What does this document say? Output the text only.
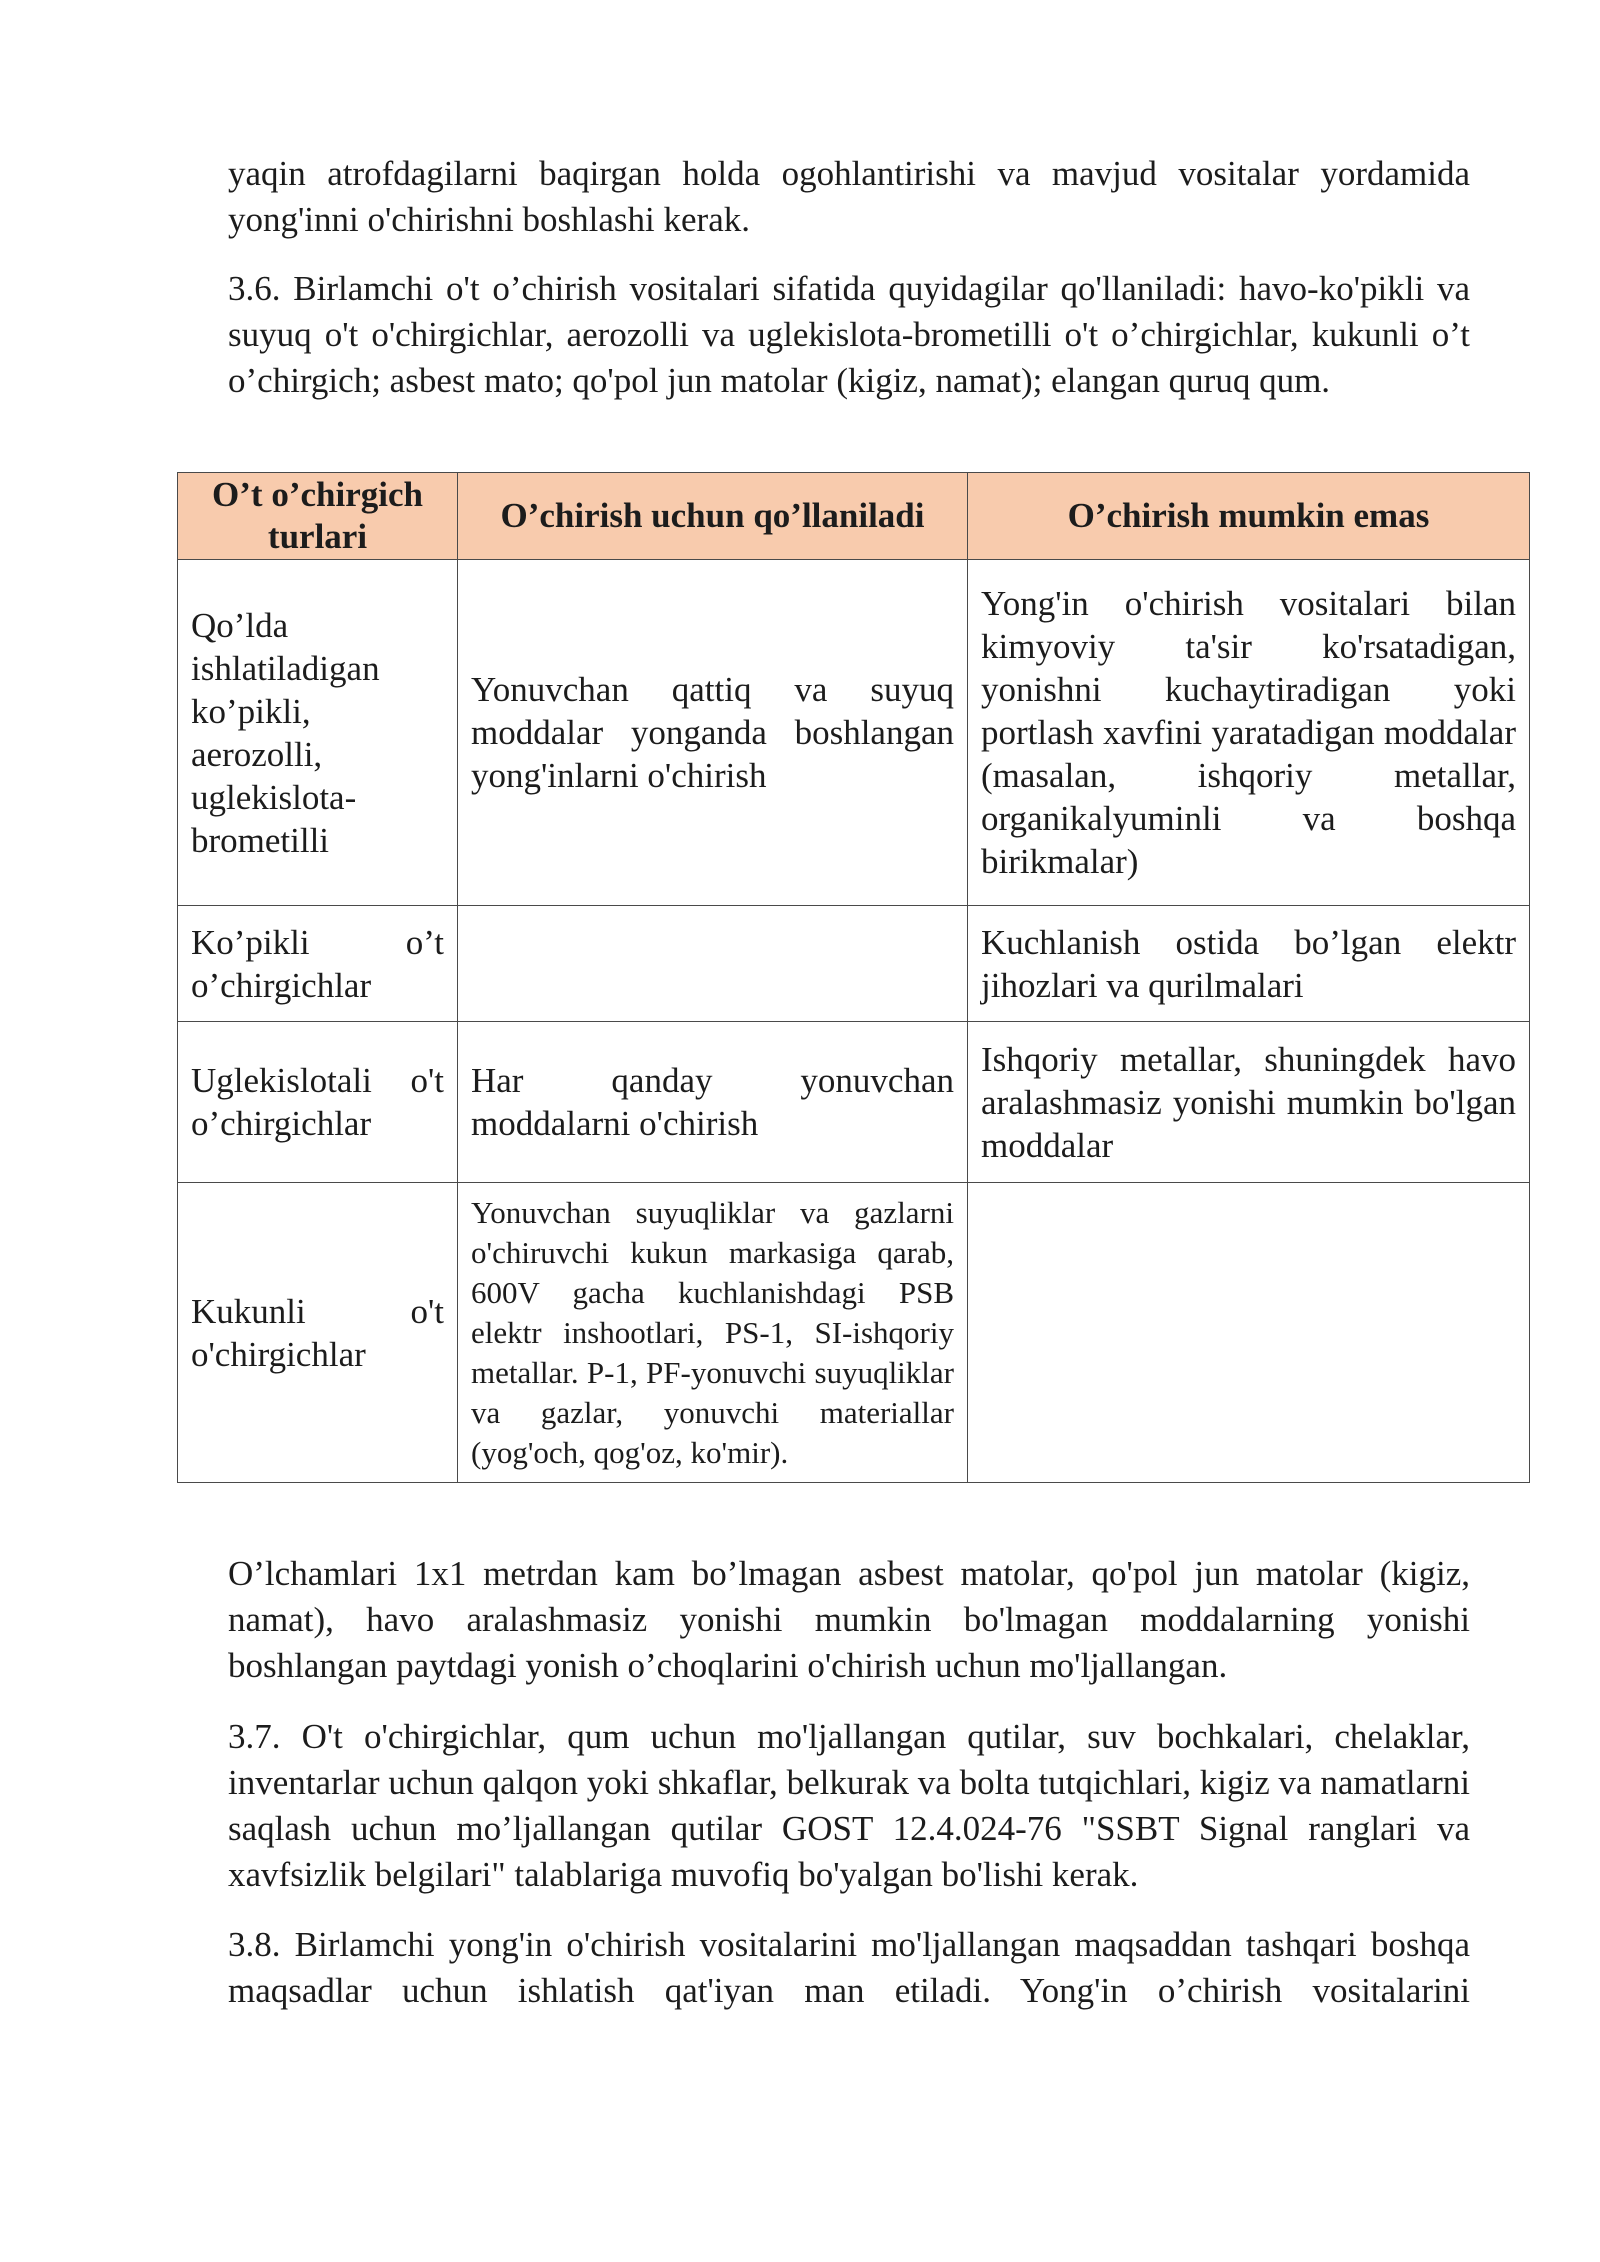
yaqin atrofdagilarni baqirgan holda ogohlantirishi va mavjud vositalar yordamida yong'inni o'chirishni boshlashi kerak.

3.6. Birlamchi o't o’chirish vositalari sifatida quyidagilar qo'llaniladi: havo-ko'pikli va suyuq o't o'chirgichlar, aerozolli va uglekislota-brometilli o't o’chirgichlar, kukunli o’t o’chirgich; asbest mato; qo'pol jun matolar (kigiz, namat); elangan quruq qum.

O’t o’chirgich turlari	O’chirish uchun qo’llaniladi	O’chirish mumkin emas
Qo’lda ishlatiladigan ko’pikli, aerozolli, uglekislota-brometilli	Yonuvchan qattiq va suyuq moddalar yonganda boshlangan yong'inlarni o'chirish	Yong'in o'chirish vositalari bilan kimyoviy ta'sir ko'rsatadigan, yonishni kuchaytiradigan yoki portlash xavfini yaratadigan moddalar (masalan, ishqoriy metallar, organikalyuminli va boshqa birikmalar)
Ko’pikli o’t o’chirgichlar		Kuchlanish ostida bo’lgan elektr jihozlari va qurilmalari
Uglekislotali o't o’chirgichlar	Har qanday yonuvchan moddalarni o'chirish	Ishqoriy metallar, shuningdek havo aralashmasiz yonishi mumkin bo'lgan moddalar
Kukunli o't o'chirgichlar	Yonuvchan suyuqliklar va gazlarni o'chiruvchi kukun markasiga qarab, 600V gacha kuchlanishdagi PSB elektr inshootlari, PS-1, SI-ishqoriy metallar. P-1, PF-yonuvchi suyuqliklar va gazlar, yonuvchi materiallar (yog'och, qog'oz, ko'mir).	

O’lchamlari 1x1 metrdan kam bo’lmagan asbest matolar, qo'pol jun matolar (kigiz, namat), havo aralashmasiz yonishi mumkin bo'lmagan moddalarning yonishi boshlangan paytdagi yonish o’choqlarini o'chirish uchun mo'ljallangan.

3.7. O't o'chirgichlar, qum uchun mo'ljallangan qutilar, suv bochkalari, chelaklar, inventarlar uchun qalqon yoki shkaflar, belkurak va bolta tutqichlari, kigiz va namatlarni saqlash uchun mo’ljallangan qutilar GOST 12.4.024-76 "SSBT Signal ranglari va xavfsizlik belgilari" talablariga muvofiq bo'yalgan bo'lishi kerak.

3.8. Birlamchi yong'in o'chirish vositalarini mo'ljallangan maqsaddan tashqari boshqa maqsadlar uchun ishlatish qat'iyan man etiladi. Yong'in o’chirish vositalarini
